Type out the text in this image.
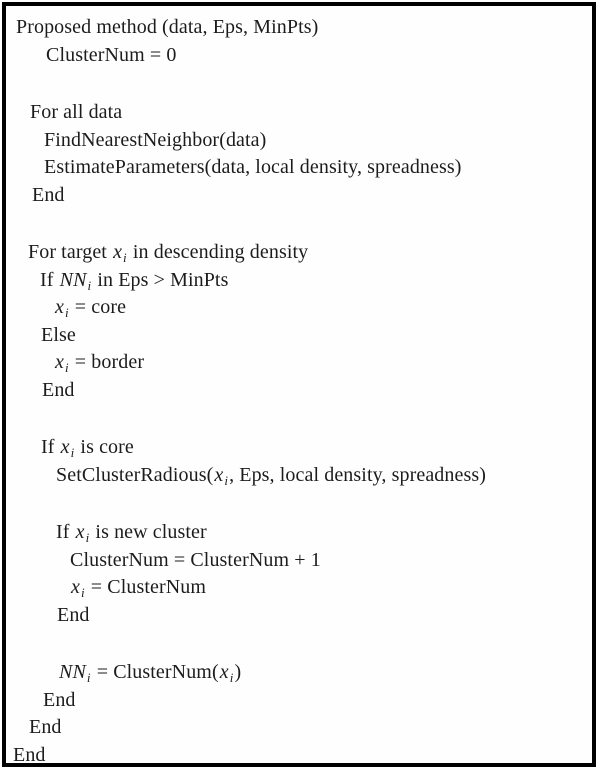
Proposed method (data, Eps, MinPts)
ClusterNum = 0
For all data
FindNearestNeighbor(data)
EstimateParameters(data, local density, spreadness)
End
For target $x_i$ in descending density
If $NN_i$ in Eps > MinPts
$x_i$ = core
Else
$x_i$ = border
End
If $x_i$ is core
$SetClusterRadious(x_i$, Eps, local density, spreadness)
If $x_i$ is new cluster
ClusterNum = ClusterNum + 1
$x_i$ = ClusterNum
End
$NN_i$ = $ClusterNum(x_i)$
End
End
End
